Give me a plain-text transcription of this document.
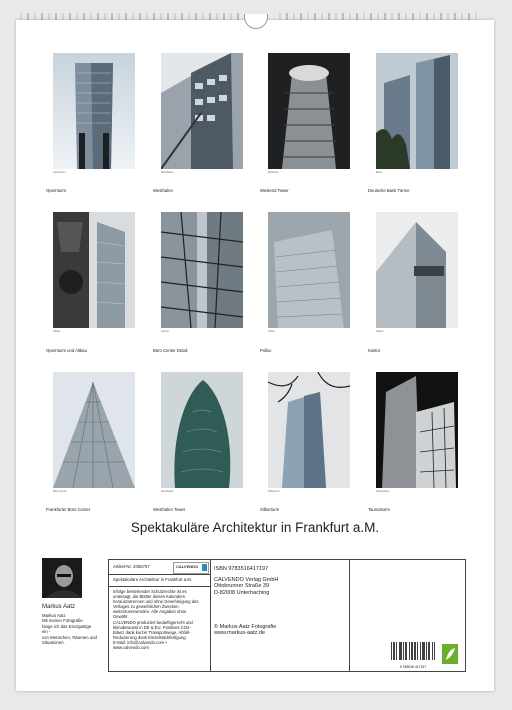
Opernturm	Westhafen	Westend	Bank
Altbau	Center	Pollux	Kastor
Büro Center	Westhafen	Silberturm	Taunusturm
Opernturm	Westhafen	Westend Tower	Deutsche Bank Türme
Opernturm und Altbau	Büro Center Detail	Pollux	Kastor
Frankfurter Büro Center	Westhafen Tower	Silberturm	Taunusturm
Spektakuläre Architektur in Frankfurt a.M.
Markus Aatz
Markus Aatz
Mit meiner Fotografie
fange ich das Einzigartige
ein -
von Menschen, Räumen und
Situationen.
Artikel-Nr. 2056757	CALVENDO
Spektakuläre Architektur in Frankfurt a.M.
Infolge bestehender Schutzrechte ist es
untersagt, die Blätter dieses Kalenders
herauszutrennen und ohne Genehmigung des
Verlages zu gewerblichen Zwecken
weiterzuverwenden. Alle Angaben ohne
Gewähr.
CALVENDO produziert bedarfsgerecht und
klimabewusst in DE & EU. Positives CO2-
Bilanz dank kurzer Transportwege, Abfall-
Reduzierung dank Einzelstückfertigung.
E-Mail: info@calvendo.com •
www.calvendo.com
ISBN 9783516417197
CALVENDO Verlag GmbH
Ottobrunner Straße 39
D-82008 Unterhaching
© Markus Aatz Fotografie
www.markus-aatz.de
9 783516 417197
